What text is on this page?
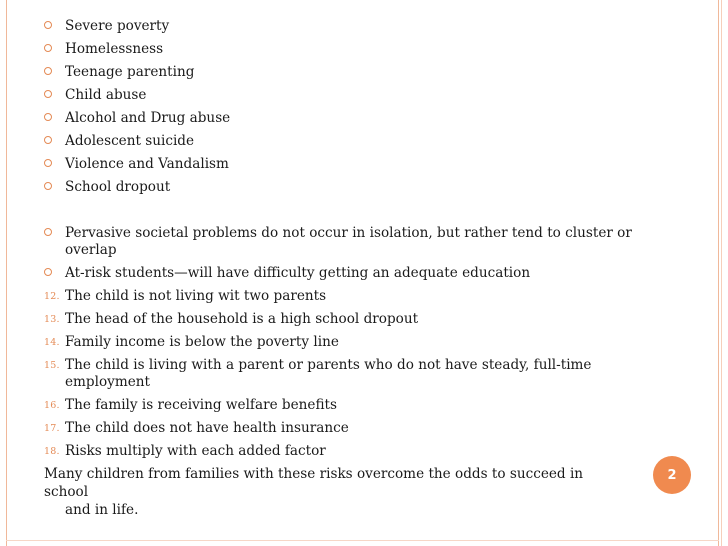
Severe poverty
Homelessness
Teenage parenting
Child abuse
Alcohol and Drug abuse
Adolescent suicide
Violence and Vandalism
School dropout
Pervasive societal problems do not occur in isolation, but rather tend to cluster or
overlap
At-risk students—will have difficulty getting an adequate education
12. The child is not living wit two parents
13. The head of the household is a high school dropout
14. Family income is below the poverty line
15. The child is living with a parent or parents who do not have steady, full-time
employment
16. The family is receiving welfare benefits
17. The child does not have health insurance
18. Risks multiply with each added factor
Many children from families with these risks overcome the odds to succeed in school
and in life.
2
